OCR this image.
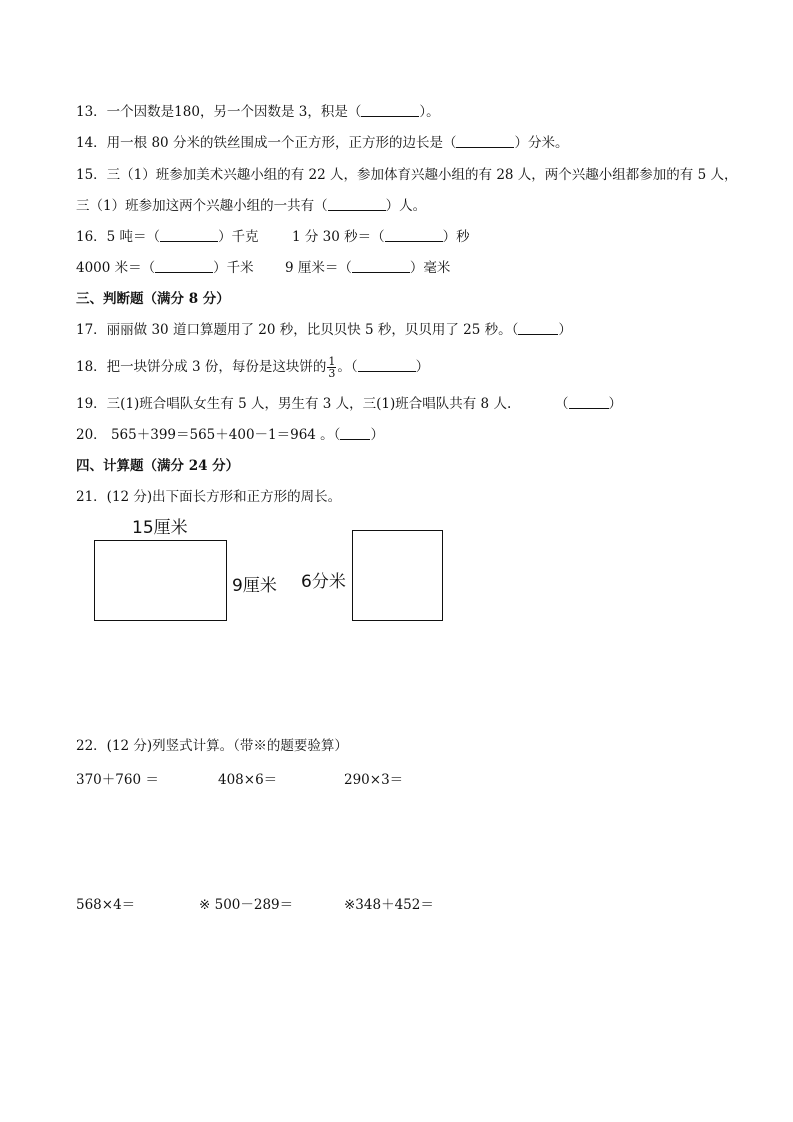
13．一个因数是180，另一个因数是 3，积是（	）。
14．用一根 80 分米的铁丝围成一个正方形，正方形的边长是（	）分米。
15．三（1）班参加美术兴趣小组的有 22 人，参加体育兴趣小组的有 28 人，两个兴趣小组都参加的有 5 人，
三（1）班参加这两个兴趣小组的一共有（	）人。
16．5 吨＝（	）千克 1 分 30 秒＝（	）秒
4000 米＝（	）千米 9 厘米＝（	）毫米
三、判断题（满分 8 分）
17．丽丽做 30 道口算题用了 20 秒，比贝贝快 5 秒，贝贝用了 25 秒。（	）
18．把一块饼分成 3 份，每份是这块饼的 $\frac{1}{3}$ 。（	）
19．三(1)班合唱队女生有 5 人，男生有 3 人，三(1)班合唱队共有 8 人.	（	）
20． 565＋399＝565＋400－1＝964 。（ ）
四、计算题（满分 24 分）
21．(12 分)出下面长方形和正方形的周长。
15厘米
9厘米 6分米
22．(12 分)列竖式计算。（带※的题要验算）
370＋760 ＝	408×6＝	290×3＝
568×4＝	※ 500－289＝	※348＋452＝
